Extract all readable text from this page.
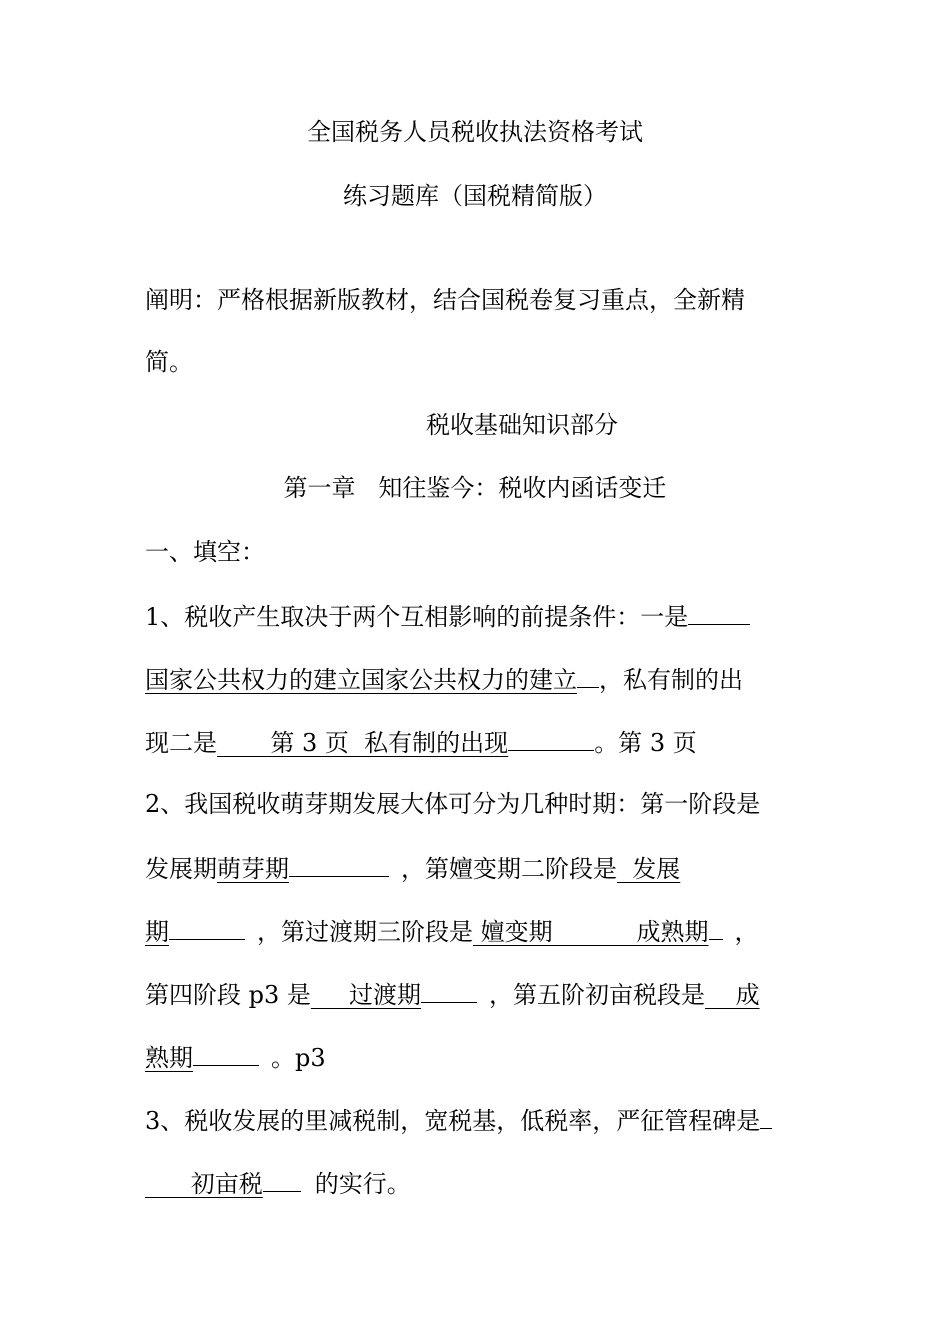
全国税务人员税收执法资格考试
练习题库（国税精简版）
阐明：严格根据新版教材，结合国税卷复习重点，全新精
简。
税收基础知识部分
第一章   知往鉴今：税收内函话变迁
一、填空：
1、税收产生取决于两个互相影响的前提条件：一是
国家公共权力的建立国家公共权力的建立 ，私有制的出
现二是       第 3 页  私有制的出现	。第 3 页
2、我国税收萌芽期发展大体可分为几种时期：第一阶段是
发展期萌芽期	，第嬗变期二阶段是  发展
期	，第过渡期三阶段是 嬗变期           成熟期 ，
第四阶段 p3 是     过渡期	，第五阶初亩税段是    成
熟期	。p3
3、税收发展的里减税制，宽税基，低税率，严征管程碑是
初亩税 的实行。
